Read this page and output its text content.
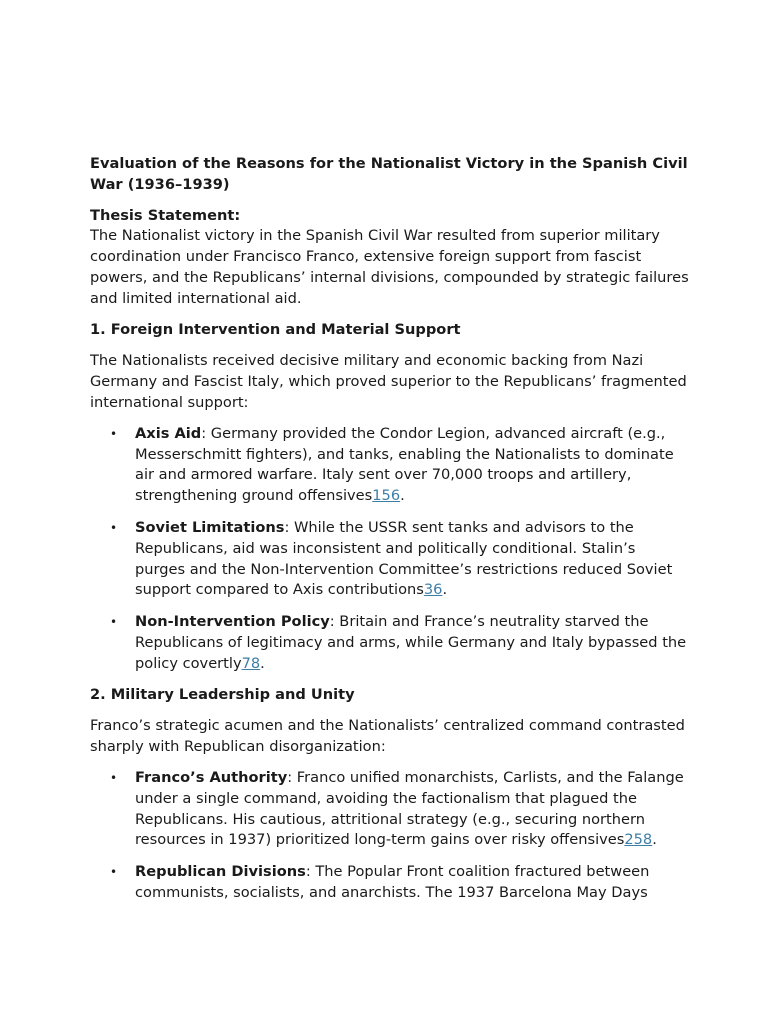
Evaluation of the Reasons for the Nationalist Victory in the Spanish Civil War (1936–1939)
Thesis Statement:

The Nationalist victory in the Spanish Civil War resulted from superior military coordination under Francisco Franco, extensive foreign support from fascist powers, and the Republicans’ internal divisions, compounded by strategic failures and limited international aid.

1. Foreign Intervention and Material Support

The Nationalists received decisive military and economic backing from Nazi Germany and Fascist Italy, which proved superior to the Republicans’ fragmented international support:

• Axis Aid: Germany provided the Condor Legion, advanced aircraft (e.g., Messerschmitt fighters), and tanks, enabling the Nationalists to dominate air and armored warfare. Italy sent over 70,000 troops and artillery, strengthening ground offensives156.
• Soviet Limitations: While the USSR sent tanks and advisors to the Republicans, aid was inconsistent and politically conditional. Stalin’s purges and the Non-Intervention Committee’s restrictions reduced Soviet support compared to Axis contributions36.
• Non-Intervention Policy: Britain and France’s neutrality starved the Republicans of legitimacy and arms, while Germany and Italy bypassed the policy covertly78.
2. Military Leadership and Unity

Franco’s strategic acumen and the Nationalists’ centralized command contrasted sharply with Republican disorganization:

• Franco’s Authority: Franco unified monarchists, Carlists, and the Falange under a single command, avoiding the factionalism that plagued the Republicans. His cautious, attritional strategy (e.g., securing northern resources in 1937) prioritized long-term gains over risky offensives258.
• Republican Divisions: The Popular Front coalition fractured between communists, socialists, and anarchists. The 1937 Barcelona May Days
